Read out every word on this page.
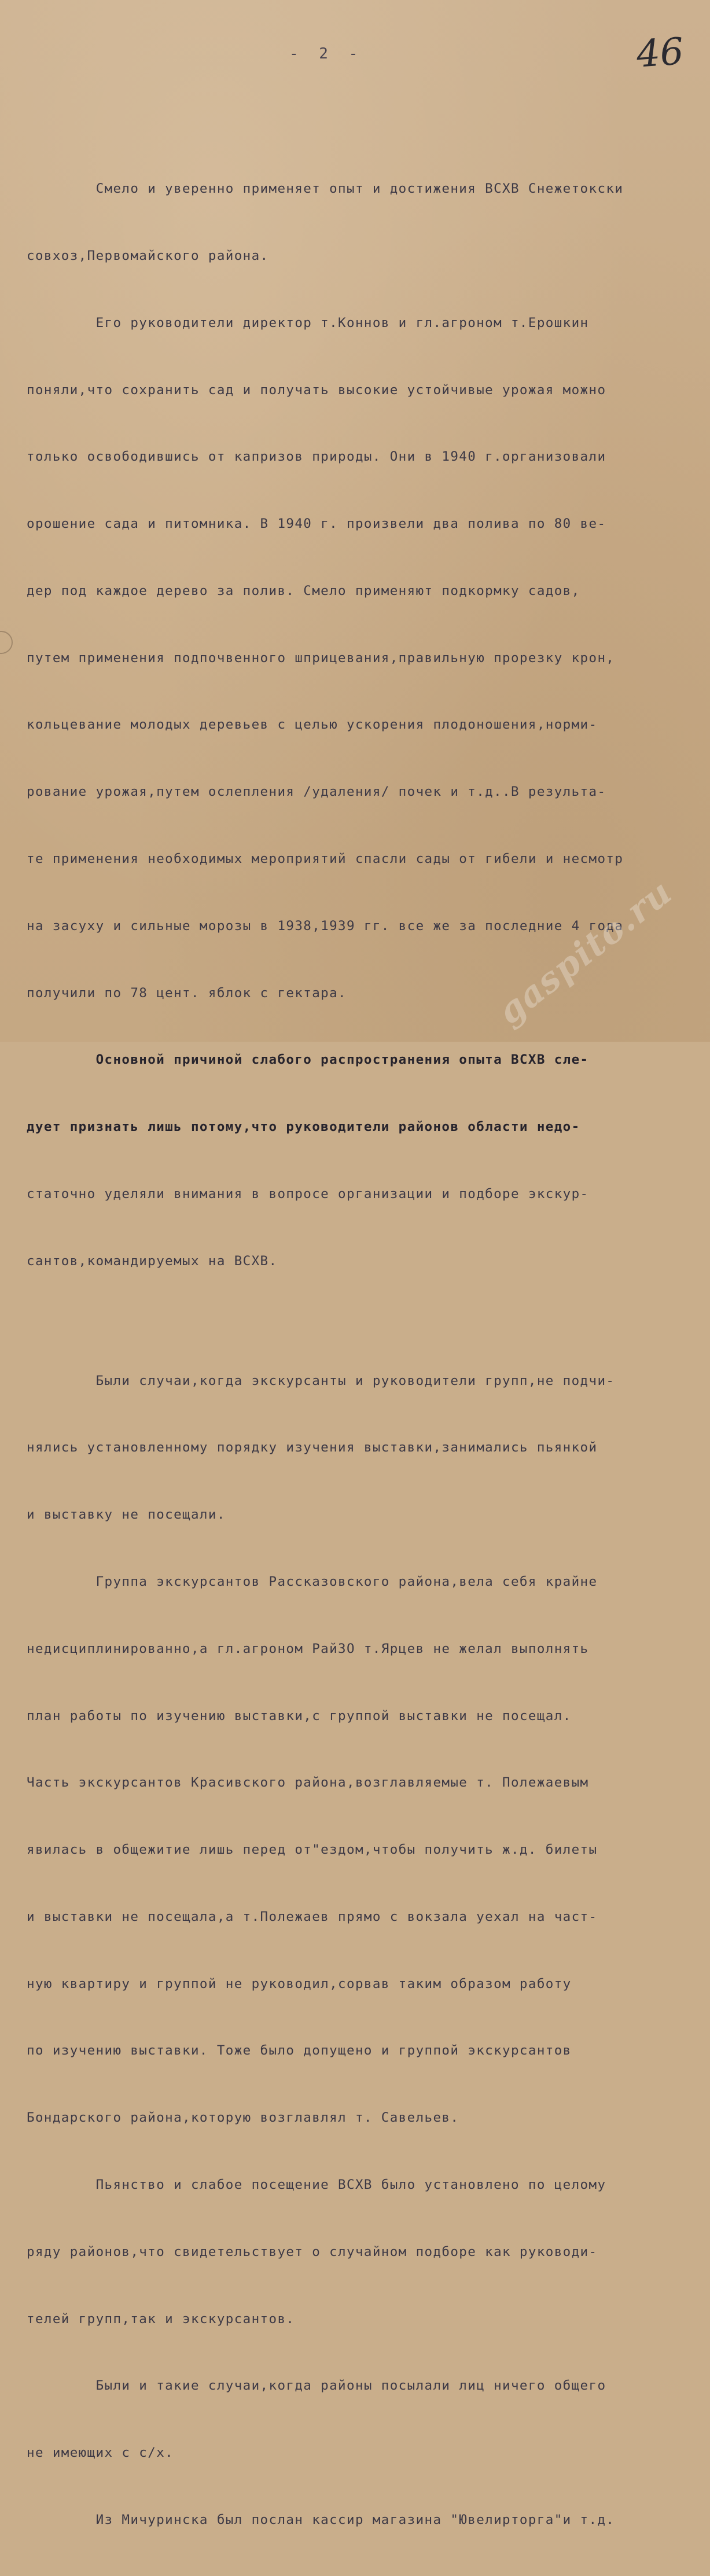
- 2 -	46

Смело и уверенно применяет опыт и достижения ВСХВ Снежетокски

совхоз,Первомайского района.

Его руководители директор т.Коннов и гл.агроном т.Ерошкин

поняли,что сохранить сад и получать высокие устойчивые урожая можно

только освободившись от капризов природы. Они в 1940 г.организовали

орошение сада и питомника. В 1940 г. произвели два полива по 80 ве-

дер под каждое дерево за полив. Смело применяют подкормку садов,

путем применения подпочвенного шприцевания,правильную прорезку крон,

кольцевание молодых деревьев с целью ускорения плодоношения,норми-

рование урожая,путем ослепления /удаления/ почек и т.д..В результа-

те применения необходимых мероприятий спасли сады от гибели и несмотр

на засуху и сильные морозы в 1938,1939 гг. все же за последние 4 года

получили по 78 цент. яблок с гектара.

Основной причиной слабого распространения опыта ВСХВ сле-

дует признать лишь потому,что руководители районов области недо-

статочно уделяли внимания в вопросе организации и подборе экскур-

сантов,командируемых на ВСХВ.

Были случаи,когда экскурсанты и руководители групп,не подчи-

нялись установленному порядку изучения выставки,занимались пьянкой

и выставку не посещали.

Группа экскурсантов Рассказовского района,вела себя крайне

недисциплинированно,а гл.агроном РайЗО т.Ярцев не желал выполнять

план работы по изучению выставки,с группой выставки не посещал.

Часть экскурсантов Красивского района,возглавляемые т. Полежаевым

явилась в общежитие лишь перед от"ездом,чтобы получить ж.д. билеты

и выставки не посещала,а т.Полежаев прямо с вокзала уехал на част-

ную квартиру и группой не руководил,сорвав таким образом работу

по изучению выставки. Тоже было допущено и группой экскурсантов

Бондарского района,которую возглавлял т. Савельев.

Пьянство и слабое посещение ВСХВ было установлено по целому

ряду районов,что свидетельствует о случайном подборе как руководи-

телей групп,так и экскурсантов.

Были и такие случаи,когда районы посылали лиц ничего общего

не имеющих с с/х.

Из Мичуринска был послан кассир магазина "Ювелирторга"и т.д.

gaspito.ru
